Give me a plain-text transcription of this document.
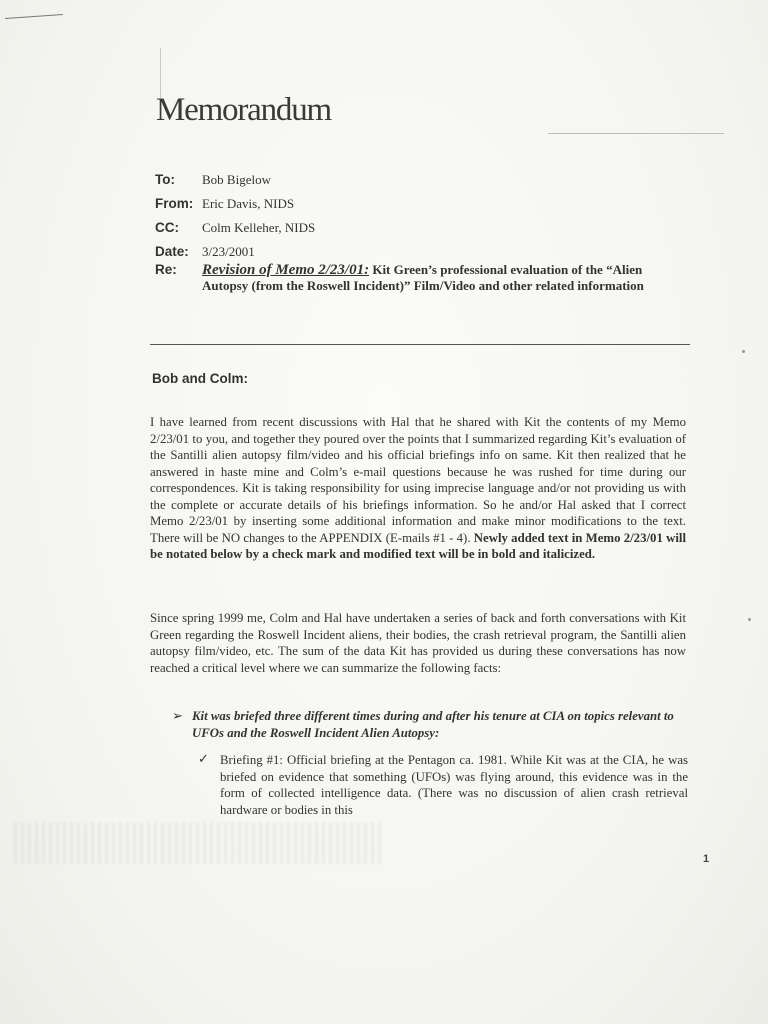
Memorandum
To:	Bob Bigelow
From: Eric Davis, NIDS
CC:	Colm Kelleher, NIDS
Date:	3/23/2001
Re:	Revision of Memo 2/23/01: Kit Green’s professional evaluation of the “Alien Autopsy (from the Roswell Incident)” Film/Video and other related information

Bob and Colm:

I have learned from recent discussions with Hal that he shared with Kit the contents of my Memo 2/23/01 to you, and together they poured over the points that I summarized regarding Kit’s evaluation of the Santilli alien autopsy film/video and his official briefings info on same. Kit then realized that he answered in haste mine and Colm’s e-mail questions because he was rushed for time during our correspondences. Kit is taking responsibility for using imprecise language and/or not providing us with the complete or accurate details of his briefings information. So he and/or Hal asked that I correct Memo 2/23/01 by inserting some additional information and make minor modifications to the text. There will be NO changes to the APPENDIX (E-mails #1 - 4). Newly added text in Memo 2/23/01 will be notated below by a check mark and modified text will be in bold and italicized.

Since spring 1999 me, Colm and Hal have undertaken a series of back and forth conversations with Kit Green regarding the Roswell Incident aliens, their bodies, the crash retrieval program, the Santilli alien autopsy film/video, etc. The sum of the data Kit has provided us during these conversations has now reached a critical level where we can summarize the following facts:

➢ Kit was briefed three different times during and after his tenure at CIA on topics relevant to UFOs and the Roswell Incident Alien Autopsy:
✓ Briefing #1: Official briefing at the Pentagon ca. 1981. While Kit was at the CIA, he was briefed on evidence that something (UFOs) was flying around, this evidence was in the form of collected intelligence data. (There was no discussion of alien crash retrieval hardware or bodies in this
1
